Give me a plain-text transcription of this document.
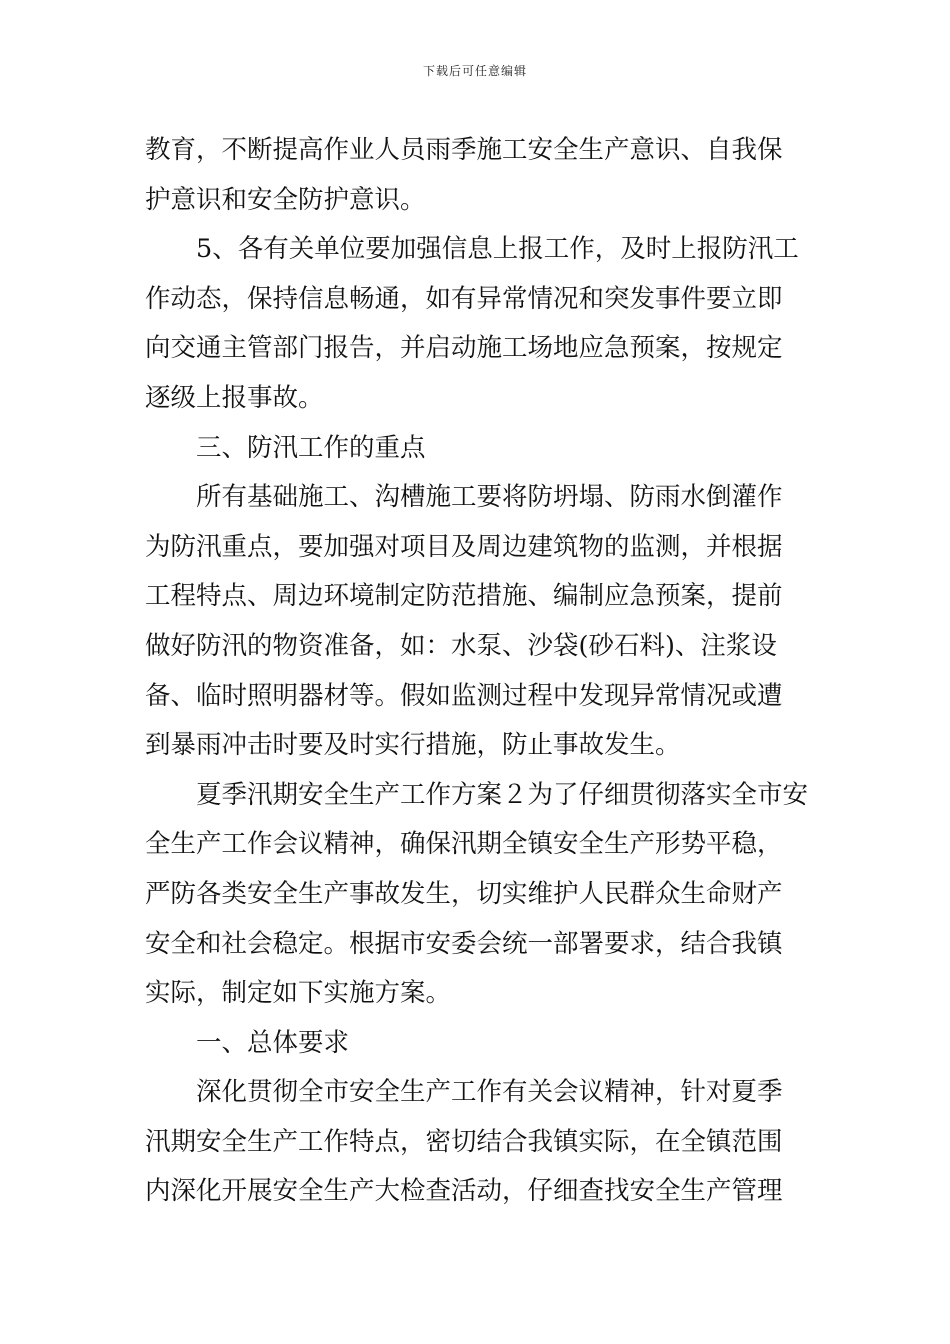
下载后可任意编辑
教育，不断提高作业人员雨季施工安全生产意识、自我保
护意识和安全防护意识。
5、各有关单位要加强信息上报工作，及时上报防汛工
作动态，保持信息畅通，如有异常情况和突发事件要立即
向交通主管部门报告，并启动施工场地应急预案，按规定
逐级上报事故。
三、防汛工作的重点
所有基础施工、沟槽施工要将防坍塌、防雨水倒灌作
为防汛重点，要加强对项目及周边建筑物的监测，并根据
工程特点、周边环境制定防范措施、编制应急预案，提前
做好防汛的物资准备，如：水泵、沙袋(砂石料)、注浆设
备、临时照明器材等。假如监测过程中发现异常情况或遭
到暴雨冲击时要及时实行措施，防止事故发生。
夏季汛期安全生产工作方案２为了仔细贯彻落实全市安
全生产工作会议精神，确保汛期全镇安全生产形势平稳，
严防各类安全生产事故发生，切实维护人民群众生命财产
安全和社会稳定。根据市安委会统一部署要求，结合我镇
实际，制定如下实施方案。
一、总体要求
深化贯彻全市安全生产工作有关会议精神，针对夏季
汛期安全生产工作特点，密切结合我镇实际，在全镇范围
内深化开展安全生产大检查活动，仔细查找安全生产管理
